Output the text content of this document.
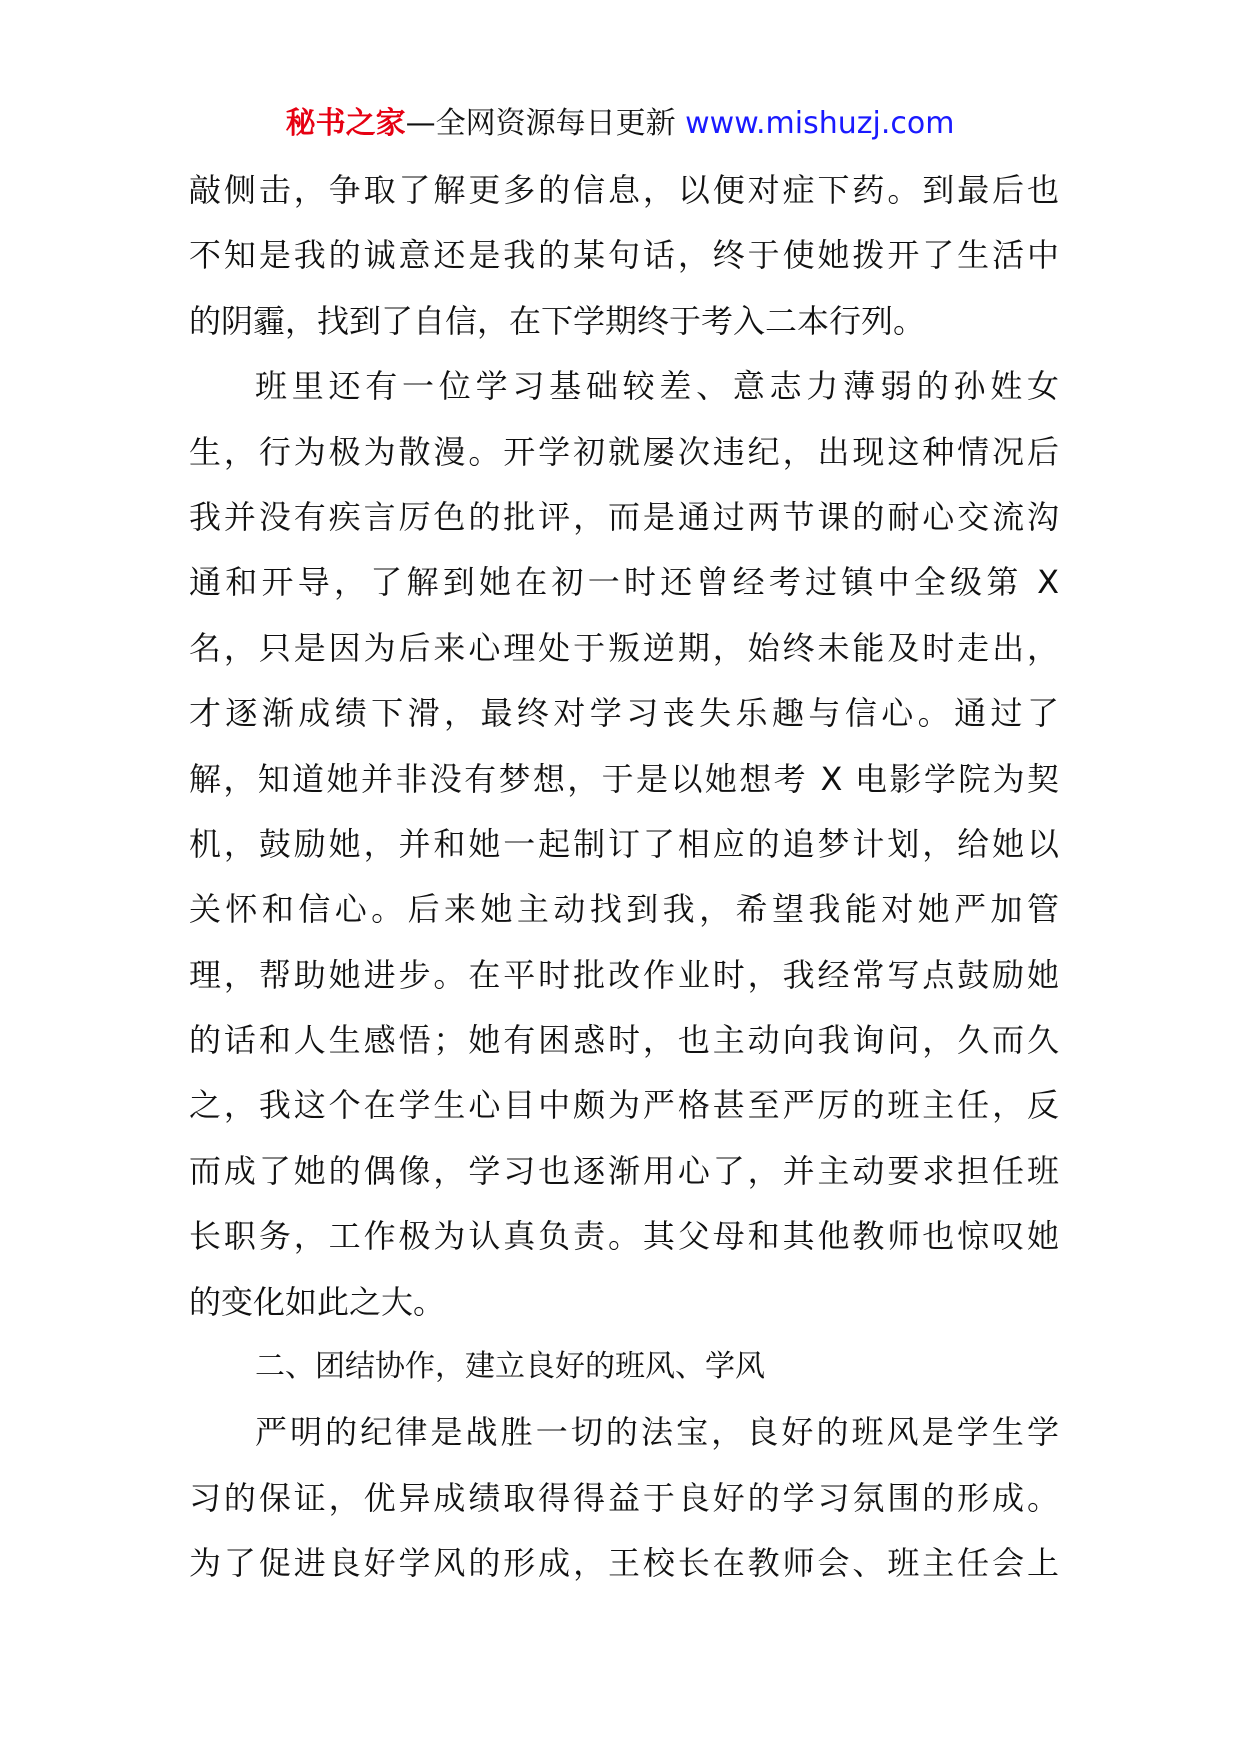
秘书之家—全网资源每日更新 www.mishuzj.com
敲侧击，争取了解更多的信息，以便对症下药。到最后也
不知是我的诚意还是我的某句话，终于使她拨开了生活中
的阴霾，找到了自信，在下学期终于考入二本行列。
班里还有一位学习基础较差、意志力薄弱的孙姓女
生，行为极为散漫。开学初就屡次违纪，出现这种情况后
我并没有疾言厉色的批评，而是通过两节课的耐心交流沟
通和开导，了解到她在初一时还曾经考过镇中全级第 X
名，只是因为后来心理处于叛逆期，始终未能及时走出，
才逐渐成绩下滑，最终对学习丧失乐趣与信心。通过了
解，知道她并非没有梦想，于是以她想考 X 电影学院为契
机，鼓励她，并和她一起制订了相应的追梦计划，给她以
关怀和信心。后来她主动找到我，希望我能对她严加管
理，帮助她进步。在平时批改作业时，我经常写点鼓励她
的话和人生感悟；她有困惑时，也主动向我询问，久而久
之，我这个在学生心目中颇为严格甚至严厉的班主任，反
而成了她的偶像，学习也逐渐用心了，并主动要求担任班
长职务，工作极为认真负责。其父母和其他教师也惊叹她
的变化如此之大。
二、团结协作，建立良好的班风、学风
严明的纪律是战胜一切的法宝，良好的班风是学生学
习的保证，优异成绩取得得益于良好的学习氛围的形成。
为了促进良好学风的形成，王校长在教师会、班主任会上
